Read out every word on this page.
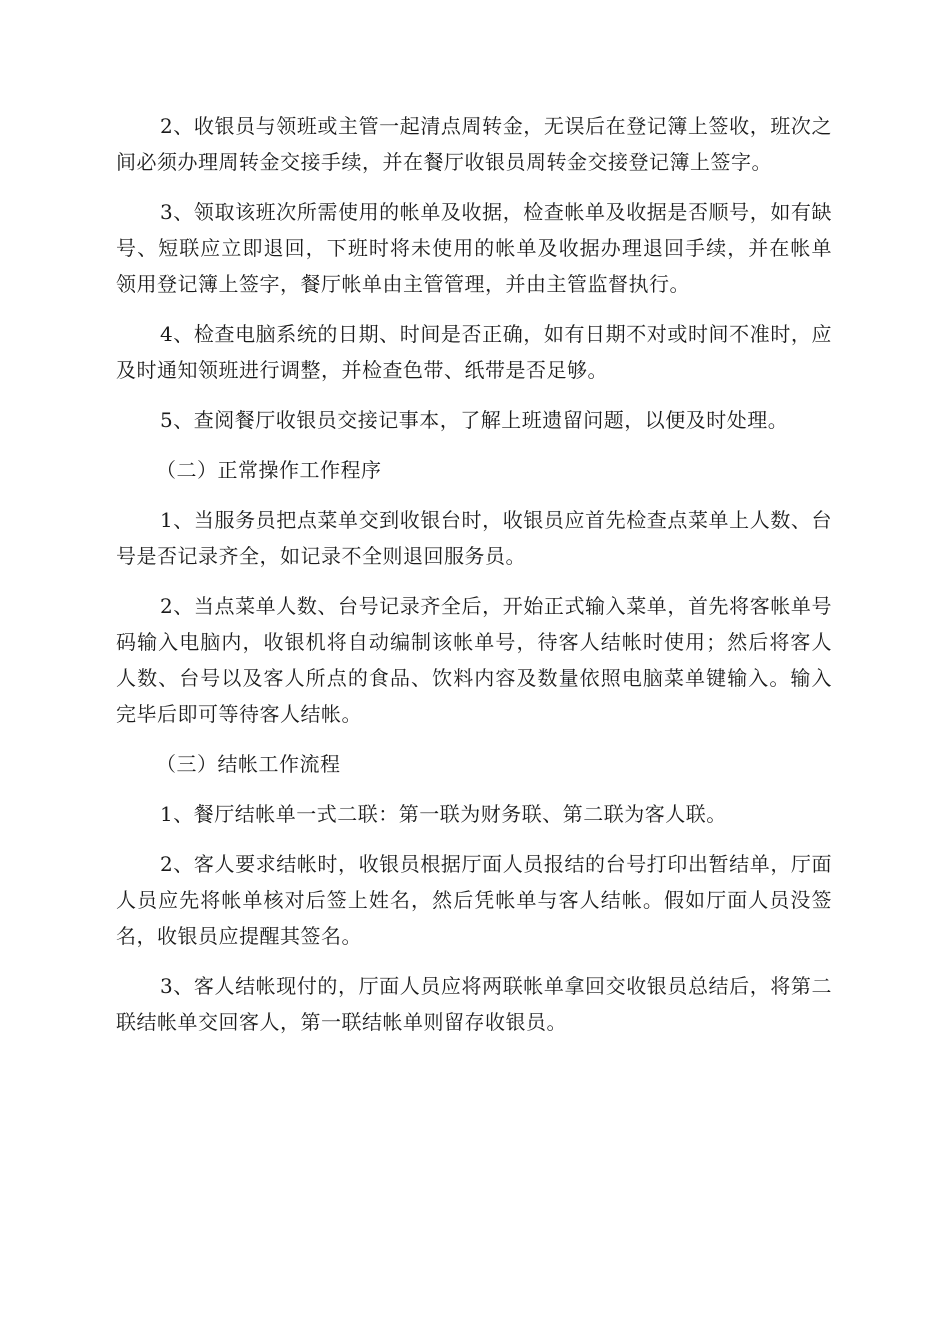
2、收银员与领班或主管一起清点周转金，无误后在登记簿上签收，班次之间必须办理周转金交接手续，并在餐厅收银员周转金交接登记簿上签字。

3、领取该班次所需使用的帐单及收据，检查帐单及收据是否顺号，如有缺号、短联应立即退回，下班时将未使用的帐单及收据办理退回手续，并在帐单领用登记簿上签字，餐厅帐单由主管管理，并由主管监督执行。

4、检查电脑系统的日期、时间是否正确，如有日期不对或时间不准时，应及时通知领班进行调整，并检查色带、纸带是否足够。

5、查阅餐厅收银员交接记事本，了解上班遗留问题，以便及时处理。

（二）正常操作工作程序

1、当服务员把点菜单交到收银台时，收银员应首先检查点菜单上人数、台号是否记录齐全，如记录不全则退回服务员。

2、当点菜单人数、台号记录齐全后，开始正式输入菜单，首先将客帐单号码输入电脑内，收银机将自动编制该帐单号，待客人结帐时使用；然后将客人人数、台号以及客人所点的食品、饮料内容及数量依照电脑菜单键输入。输入完毕后即可等待客人结帐。

（三）结帐工作流程

1、餐厅结帐单一式二联：第一联为财务联、第二联为客人联。

2、客人要求结帐时，收银员根据厅面人员报结的台号打印出暂结单，厅面人员应先将帐单核对后签上姓名，然后凭帐单与客人结帐。假如厅面人员没签名，收银员应提醒其签名。

3、客人结帐现付的，厅面人员应将两联帐单拿回交收银员总结后，将第二联结帐单交回客人，第一联结帐单则留存收银员。
